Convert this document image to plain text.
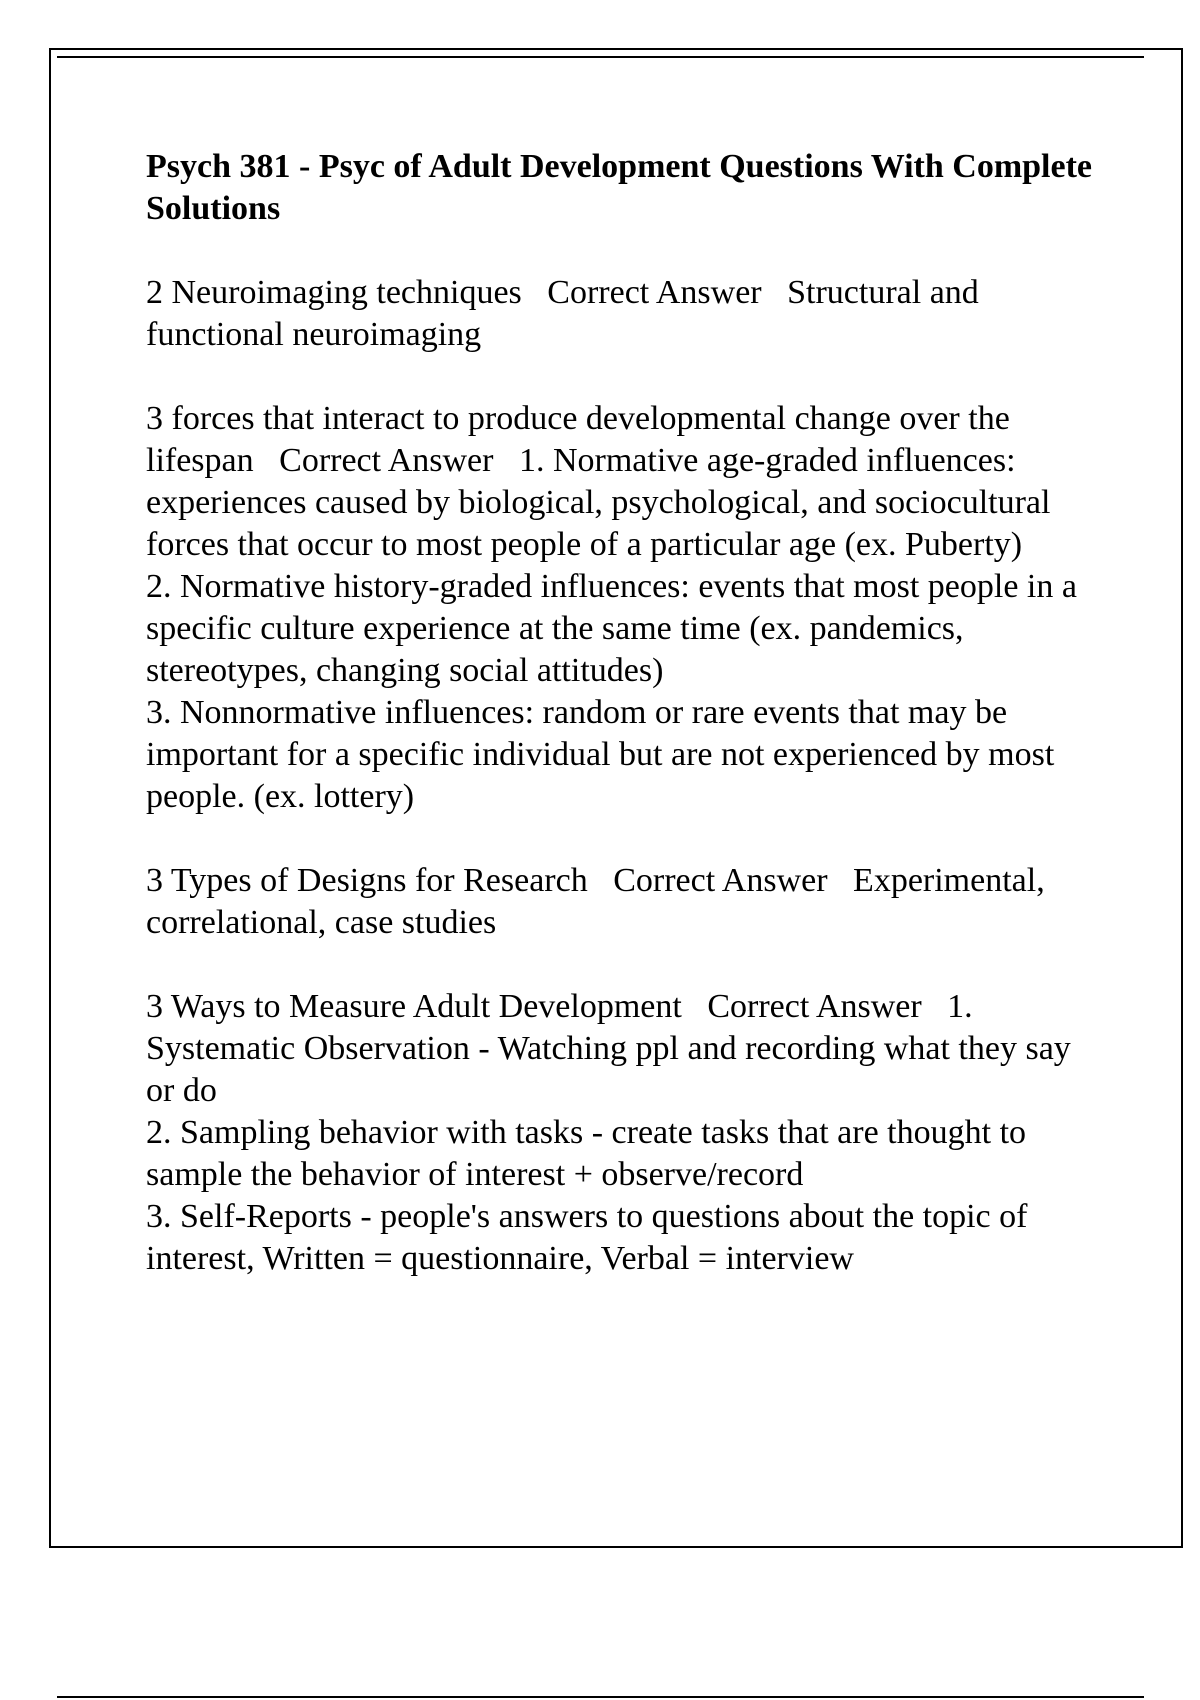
Psych 381 - Psyc of Adult Development Questions With Complete Solutions
2 Neuroimaging techniques Correct Answer Structural and functional neuroimaging
3 forces that interact to produce developmental change over the lifespan Correct Answer 1. Normative age-graded influences: experiences caused by biological, psychological, and sociocultural forces that occur to most people of a particular age (ex. Puberty)
2. Normative history-graded influences: events that most people in a specific culture experience at the same time (ex. pandemics, stereotypes, changing social attitudes)
3. Nonnormative influences: random or rare events that may be important for a specific individual but are not experienced by most people. (ex. lottery)
3 Types of Designs for Research Correct Answer Experimental, correlational, case studies
3 Ways to Measure Adult Development Correct Answer 1. Systematic Observation - Watching ppl and recording what they say or do
2. Sampling behavior with tasks - create tasks that are thought to sample the behavior of interest + observe/record
3. Self-Reports - people's answers to questions about the topic of interest, Written = questionnaire, Verbal = interview
